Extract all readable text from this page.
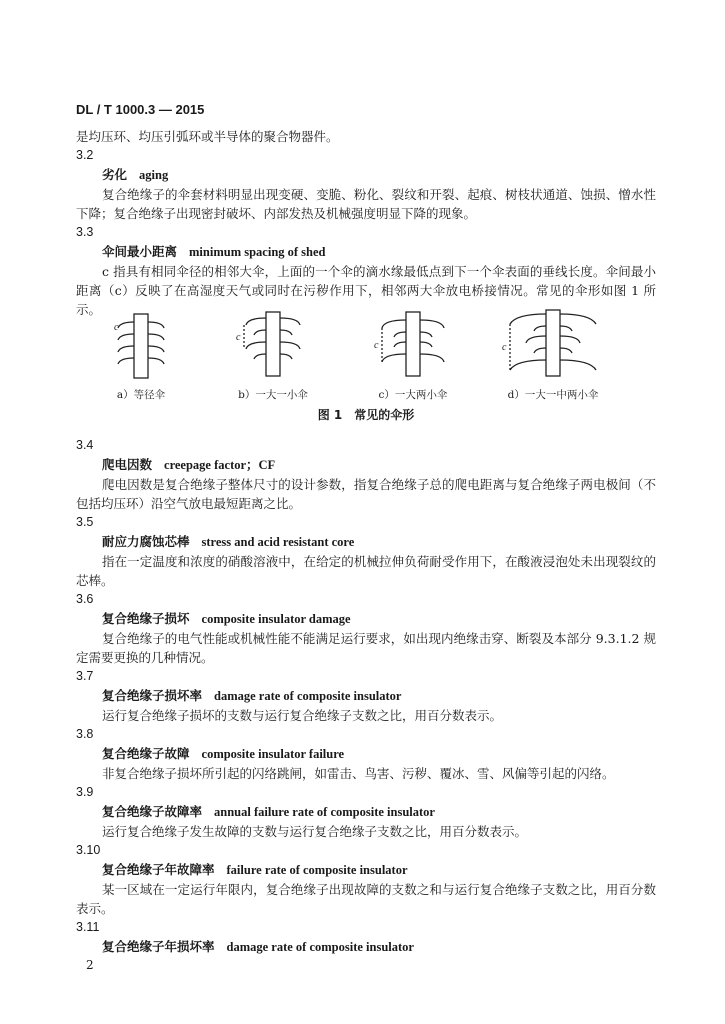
DL / T 1000.3 — 2015
是均压环、均压引弧环或半导体的聚合物器件。
3.2
劣化 aging
复合绝缘子的伞套材料明显出现变硬、变脆、粉化、裂纹和开裂、起痕、树枝状通道、蚀损、憎水性下降；复合绝缘子出现密封破坏、内部发热及机械强度明显下降的现象。
3.3
伞间最小距离 minimum spacing of shed
c 指具有相同伞径的相邻大伞，上面的一个伞的滴水缘最低点到下一个伞表面的垂线长度。伞间最小距离（c）反映了在高湿度天气或同时在污秽作用下，相邻两大伞放电桥接情况。常见的伞形如图 1 所示。
c
c
c	c
a）等径伞	b）一大一小伞	c）一大两小伞	d）一大一中两小伞
图 1　常见的伞形
3.4
爬电因数 creepage factor；CF
爬电因数是复合绝缘子整体尺寸的设计参数，指复合绝缘子总的爬电距离与复合绝缘子两电极间（不包括均压环）沿空气放电最短距离之比。
3.5
耐应力腐蚀芯棒 stress and acid resistant core
指在一定温度和浓度的硝酸溶液中，在给定的机械拉伸负荷耐受作用下，在酸液浸泡处未出现裂纹的芯棒。
3.6
复合绝缘子损坏 composite insulator damage
复合绝缘子的电气性能或机械性能不能满足运行要求，如出现内绝缘击穿、断裂及本部分 9.3.1.2 规定需要更换的几种情况。
3.7
复合绝缘子损坏率 damage rate of composite insulator
运行复合绝缘子损坏的支数与运行复合绝缘子支数之比，用百分数表示。
3.8
复合绝缘子故障 composite insulator failure
非复合绝缘子损坏所引起的闪络跳闸，如雷击、鸟害、污秽、覆冰、雪、风偏等引起的闪络。
3.9
复合绝缘子故障率 annual failure rate of composite insulator
运行复合绝缘子发生故障的支数与运行复合绝缘子支数之比，用百分数表示。
3.10
复合绝缘子年故障率 failure rate of composite insulator
某一区域在一定运行年限内，复合绝缘子出现故障的支数之和与运行复合绝缘子支数之比，用百分数表示。
3.11
复合绝缘子年损坏率 damage rate of composite insulator
2
